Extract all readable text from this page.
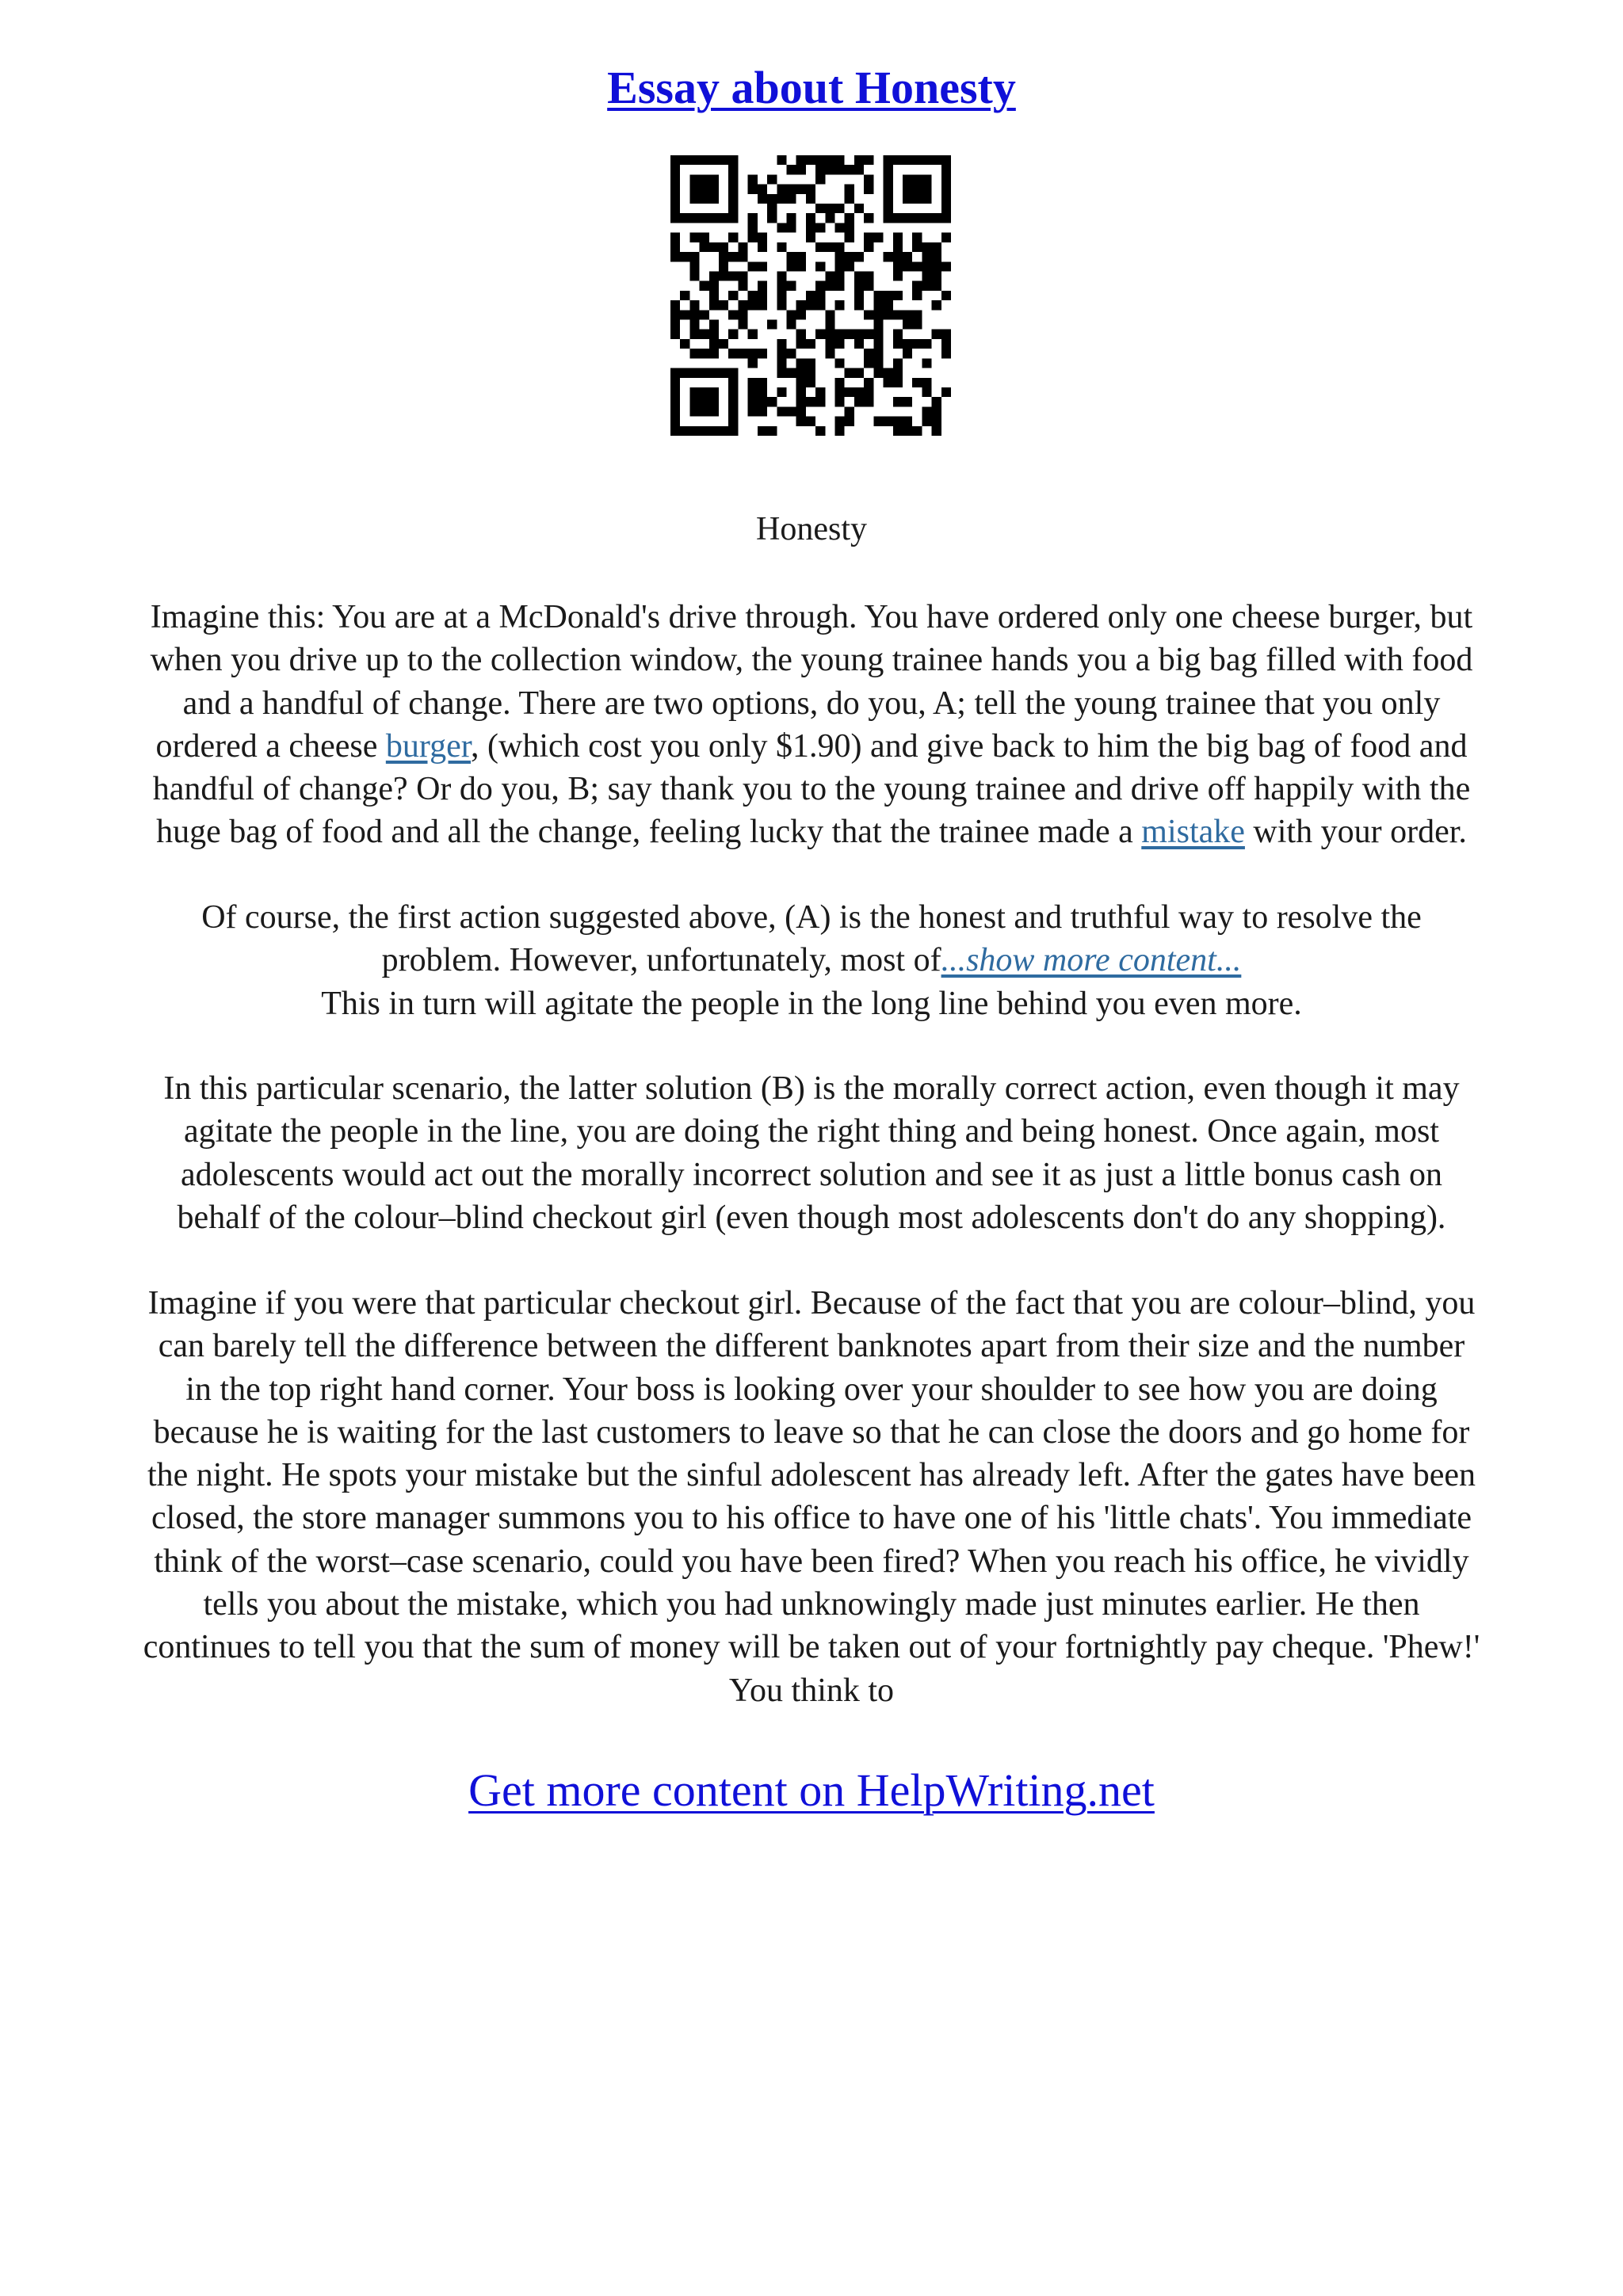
Essay about Honesty
Honesty
Imagine this: You are at a McDonald's drive through. You have ordered only one cheese burger, but
when you drive up to the collection window, the young trainee hands you a big bag filled with food
and a handful of change. There are two options, do you, A; tell the young trainee that you only
ordered a cheese burger, (which cost you only $1.90) and give back to him the big bag of food and
handful of change? Or do you, B; say thank you to the young trainee and drive off happily with the
huge bag of food and all the change, feeling lucky that the trainee made a mistake with your order.
Of course, the first action suggested above, (A) is the honest and truthful way to resolve the
problem. However, unfortunately, most of...show more content...
This in turn will agitate the people in the long line behind you even more.
In this particular scenario, the latter solution (B) is the morally correct action, even though it may
agitate the people in the line, you are doing the right thing and being honest. Once again, most
adolescents would act out the morally incorrect solution and see it as just a little bonus cash on
behalf of the colour–blind checkout girl (even though most adolescents don't do any shopping).
Imagine if you were that particular checkout girl. Because of the fact that you are colour–blind, you
can barely tell the difference between the different banknotes apart from their size and the number
in the top right hand corner. Your boss is looking over your shoulder to see how you are doing
because he is waiting for the last customers to leave so that he can close the doors and go home for
the night. He spots your mistake but the sinful adolescent has already left. After the gates have been
closed, the store manager summons you to his office to have one of his 'little chats'. You immediate
think of the worst–case scenario, could you have been fired? When you reach his office, he vividly
tells you about the mistake, which you had unknowingly made just minutes earlier. He then
continues to tell you that the sum of money will be taken out of your fortnightly pay cheque. 'Phew!'
You think to
Get more content on HelpWriting.net
